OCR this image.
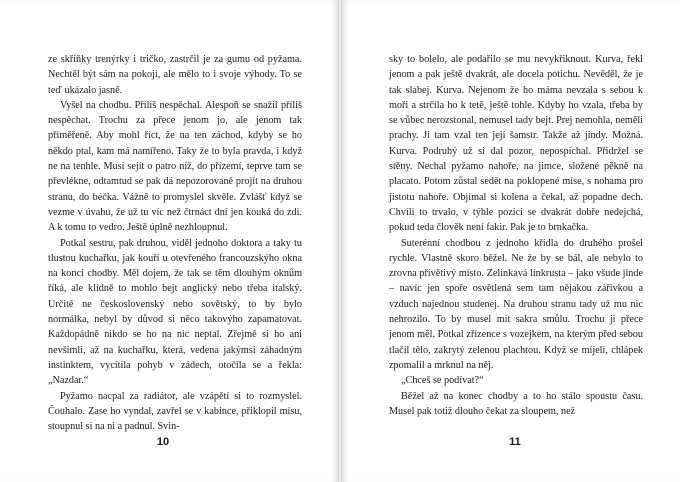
ze skříňky trenýrky i tričko, zastrčil je za gumu od pyžama. Nechtěl být sám na pokoji, ale mělo to i svoje výhody. To se teď ukázalo jasně.

Vyšel na chodbu. Příliš nespěchal. Alespoň se snažil příliš nespěchat. Trochu za přece jenom jo, ale jenom tak přiměřeně. Aby mohl říct, že na ten záchod, kdyby se ho někdo ptal, kam má namířeno. Taky že to byla pravda, i když ne na tenhle. Musí sejít o patro níž, do přízemí, teprve tam se převlékne, odtamtud se pak dá nepozorovaně projít na druhou stranu, do béčka. Vážně to promyslel skvěle. Zvlášť když se vezme v úvahu, že už tu víc než čtrnáct dní jen kouká do zdi. A k tomu to vedro. Ještě úplně nezhloupnul.

Potkal sestru, pak druhou, viděl jednoho doktora a taky tu tlustou kuchařku, jak kouří u otevřeného francouzskýho okna na konci chodby. Měl dojem, že tak se těm dlouhým oknům říká, ale klidně to mohlo bejt anglický nebo třeba italský. Určitě ne československý nebo sovětský, to by bylo normálka, nebyl by důvod si něco takovýho zapamatovat. Každopádně nikdo se ho na nic neptal. Zřejmě si ho ani nevšimli, až na kuchařku, která, vedena jakýmsi záhadným instinktem, vycítila pohyb v zádech, otočila se a řekla: „Nazdar.“

Pyžamo nacpal za radiátor, ale vzápětí si to rozmyslel. Čouhalo. Zase ho vyndal, zavřel se v kabince, přiklopil mísu, stoupnul si na ni a padnul. Svin-

10

sky to bolelo, ale podařilo se mu nevykřiknout. Kurva, řekl jenom a pak ještě dvakrát, ale docela potichu. Nevěděl, že je tak slabej. Kurva. Nejenom že ho máma nevzala s sebou k moři a strčila ho k tetě, ještě tohle. Kdyby ho vzala, třeba by se vůbec nerozstonal, nemusel tady bejt. Prej nemohla, neměli prachy. Ji tam vzal ten její šamstr. Takže až jindy. Možná. Kurva. Podruhý už si dal pozor, nepospíchal. Přidržel se stěny. Nechal pyžamo nahoře, na jimce, složené pěkně na placato. Potom zůstal sedět na poklopené míse, s nohama pro jistotu nahoře. Objímal si kolena a čekal, až popadne dech. Chvíli to trvalo, v týhle pozici se dvakrát dobře nedejchá, pokud teda člověk není fakir. Pak je to brnkačka.

Suterénní chodbou z jednoho křídla do druhého prošel rychle. Vlastně skoro běžel. Ne že by se bál, ale nebylo to zrovna přívětivý místo. Zelinkavá linkrusta – jako všude jinde – navíc jen spoře osvětlená sem tam nějakou zářivkou a vzduch najednou studenej. Na druhou stranu tady už mu nic nehrozilo. To by musel mít sakra smůlu. Trochu ji přece jenom měl. Potkal zřízence s vozejkem, na kterým před sebou tlačil tělo, zakrytý zelenou plachtou. Když se míjeli, chlápek zpomalil a mrknul na něj.

„Chceš se podívat?“

Běžel až na konec chodby a to ho stálo spoustu času. Musel pak totiž dlouho čekat za sloupem, než

11
